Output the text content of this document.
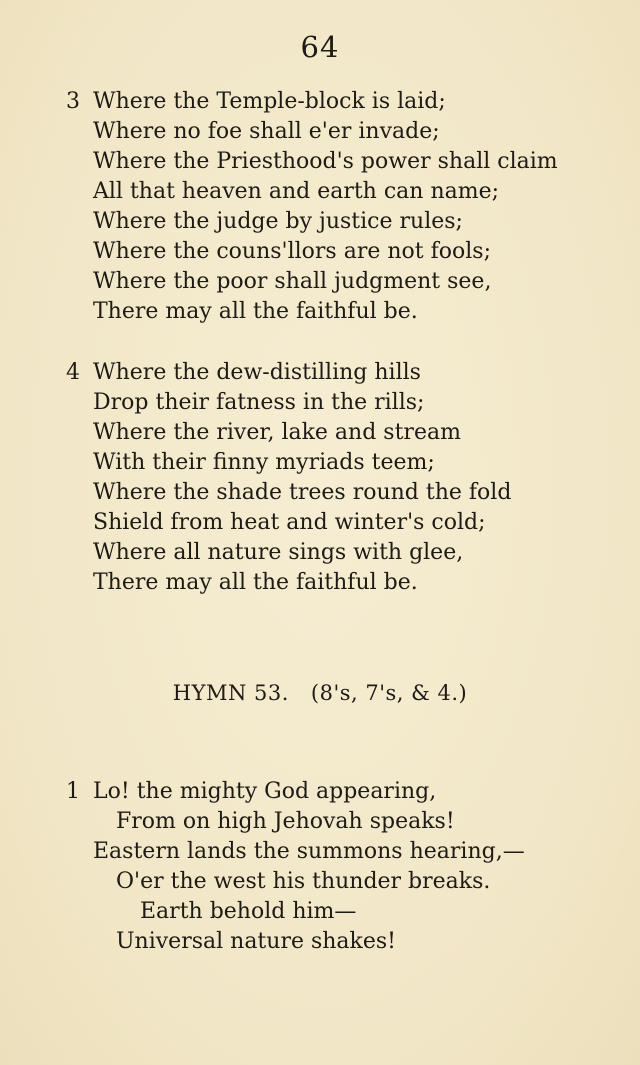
64
3 Where the Temple-block is laid;
Where no foe shall e'er invade;
Where the Priesthood's power shall claim
All that heaven and earth can name;
Where the judge by justice rules;
Where the couns'llors are not fools;
Where the poor shall judgment see,
There may all the faithful be.
4 Where the dew-distilling hills
Drop their fatness in the rills;
Where the river, lake and stream
With their finny myriads teem;
Where the shade trees round the fold
Shield from heat and winter's cold;
Where all nature sings with glee,
There may all the faithful be.
HYMN 53. (8's, 7's, & 4.)
1 Lo! the mighty God appearing,
From on high Jehovah speaks!
Eastern lands the summons hearing,—
O'er the west his thunder breaks.
Earth behold him—
Universal nature shakes!
